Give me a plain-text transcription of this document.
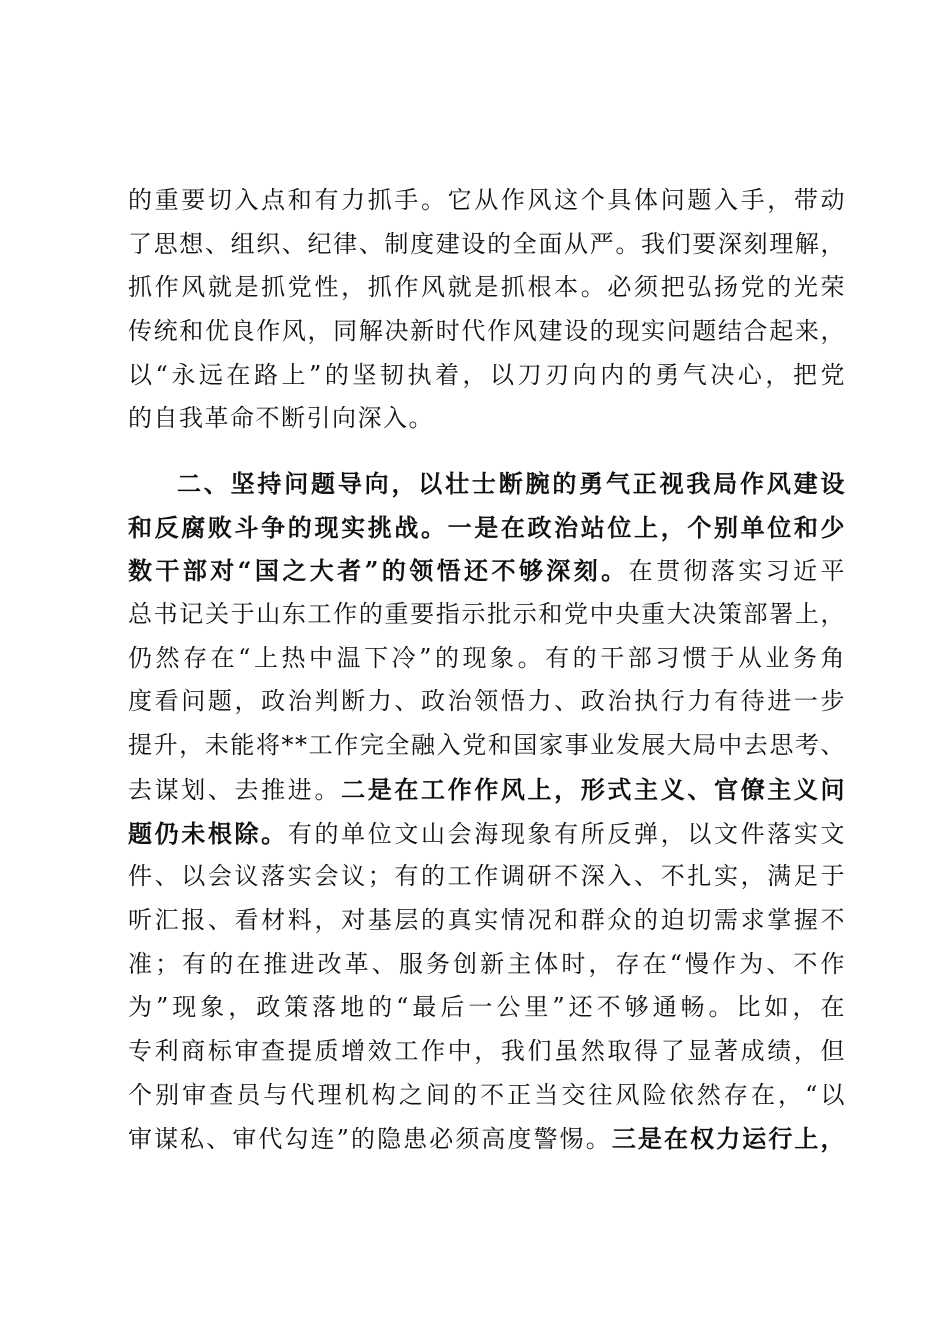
的重要切入点和有力抓手。它从作风这个具体问题入手，带动
了思想、组织、纪律、制度建设的全面从严。我们要深刻理解，
抓作风就是抓党性，抓作风就是抓根本。必须把弘扬党的光荣
传统和优良作风，同解决新时代作风建设的现实问题结合起来，
以“永远在路上”的坚韧执着，以刀刃向内的勇气决心，把党
的自我革命不断引向深入。
二、坚持问题导向，以壮士断腕的勇气正视我局作风建设
和反腐败斗争的现实挑战。一是在政治站位上，个别单位和少
数干部对“国之大者”的领悟还不够深刻。在贯彻落实习近平
总书记关于山东工作的重要指示批示和党中央重大决策部署上，
仍然存在“上热中温下冷”的现象。有的干部习惯于从业务角
度看问题，政治判断力、政治领悟力、政治执行力有待进一步
提升，未能将**工作完全融入党和国家事业发展大局中去思考、
去谋划、去推进。二是在工作作风上，形式主义、官僚主义问
题仍未根除。有的单位文山会海现象有所反弹，以文件落实文
件、以会议落实会议；有的工作调研不深入、不扎实，满足于
听汇报、看材料，对基层的真实情况和群众的迫切需求掌握不
准；有的在推进改革、服务创新主体时，存在“慢作为、不作
为”现象，政策落地的“最后一公里”还不够通畅。比如，在
专利商标审查提质增效工作中，我们虽然取得了显著成绩，但
个别审查员与代理机构之间的不正当交往风险依然存在，“以
审谋私、审代勾连”的隐患必须高度警惕。三是在权力运行上，
